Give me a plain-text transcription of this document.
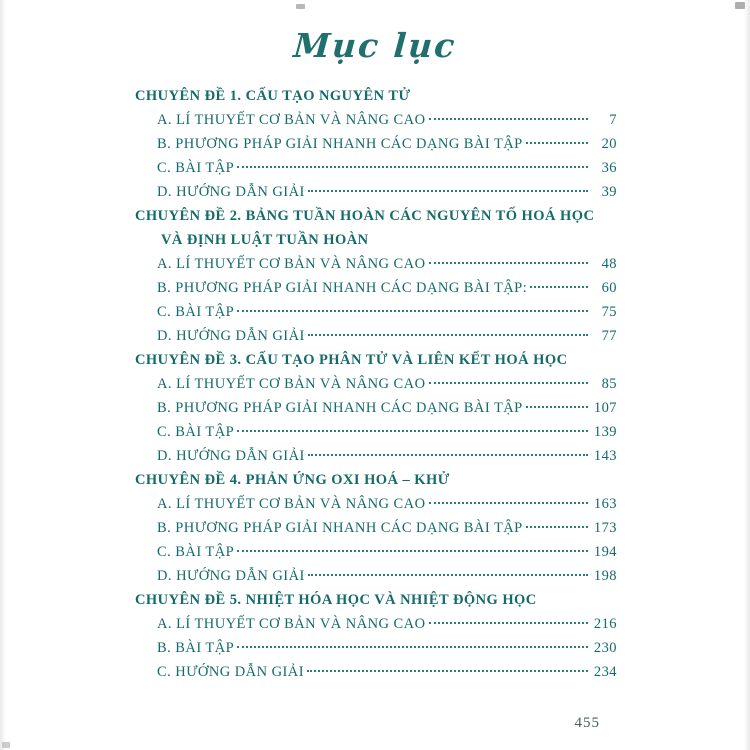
Mục lục
CHUYÊN ĐỀ 1. CẤU TẠO NGUYÊN TỬ
A. LÍ THUYẾT CƠ BẢN VÀ NÂNG CAO	7
B. PHƯƠNG PHÁP GIẢI NHANH CÁC DẠNG BÀI TẬP	20
C. BÀI TẬP	36
D. HƯỚNG DẪN GIẢI	39
CHUYÊN ĐỀ 2. BẢNG TUẦN HOÀN CÁC NGUYÊN TỐ HOÁ HỌC
VÀ ĐỊNH LUẬT TUẦN HOÀN
A. LÍ THUYẾT CƠ BẢN VÀ NÂNG CAO	48
B. PHƯƠNG PHÁP GIẢI NHANH CÁC DẠNG BÀI TẬP:	60
C. BÀI TẬP	75
D. HƯỚNG DẪN GIẢI	77
CHUYÊN ĐỀ 3. CẤU TẠO PHÂN TỬ VÀ LIÊN KẾT HOÁ HỌC
A. LÍ THUYẾT CƠ BẢN VÀ NÂNG CAO	85
B. PHƯƠNG PHÁP GIẢI NHANH CÁC DẠNG BÀI TẬP	107
C. BÀI TẬP	139
D. HƯỚNG DẪN GIẢI	143
CHUYÊN ĐỀ 4. PHẢN ỨNG OXI HOÁ – KHỬ
A. LÍ THUYẾT CƠ BẢN VÀ NÂNG CAO	163
B. PHƯƠNG PHÁP GIẢI NHANH CÁC DẠNG BÀI TẬP	173
C. BÀI TẬP	194
D. HƯỚNG DẪN GIẢI	198
CHUYÊN ĐỀ 5. NHIỆT HÓA HỌC VÀ NHIỆT ĐỘNG HỌC
A. LÍ THUYẾT CƠ BẢN VÀ NÂNG CAO	216
B. BÀI TẬP	230
C. HƯỚNG DẪN GIẢI	234
455
